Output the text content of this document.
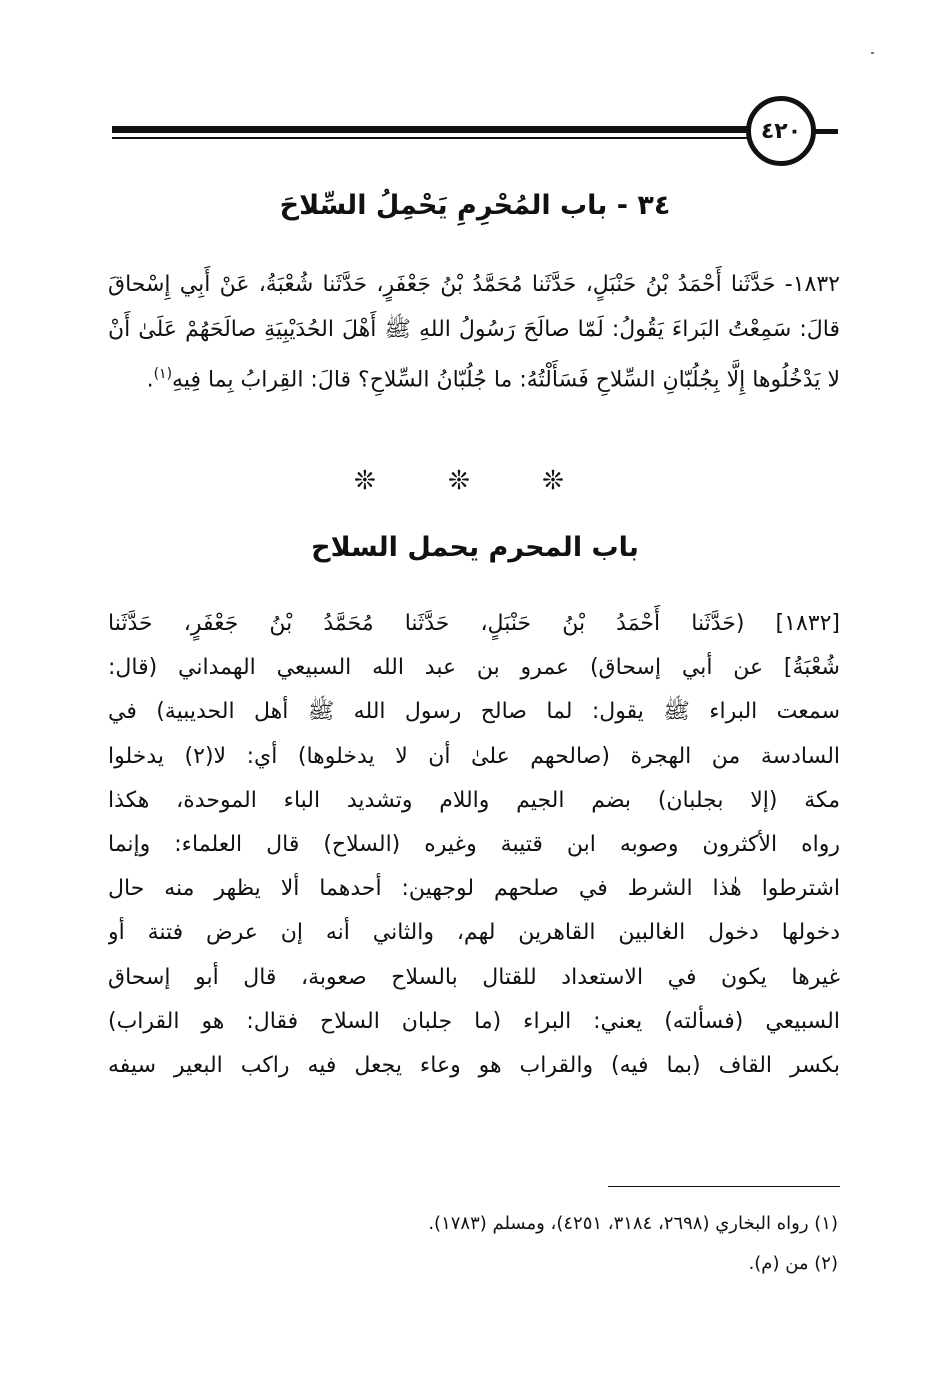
٤٢٠
٣٤ - باب المُحْرِمِ يَحْمِلُ السِّلاحَ

١٨٣٢- حَدَّثَنا أَحْمَدُ بْنُ حَنْبَلٍ، حَدَّثَنا مُحَمَّدُ بْنُ جَعْفَرٍ، حَدَّثَنا شُعْبَةُ، عَنْ أَبِي إِسْحاقَ قالَ: سَمِعْتُ البَراءَ يَقُولُ: لَمّا صالَحَ رَسُولُ اللهِ ﷺ أَهْلَ الحُدَيْبِيَةِ صالَحَهُمْ عَلَىٰ أَنْ لا يَدْخُلُوها إِلَّا بِجُلُبّانِ السِّلاحِ فَسَأَلْتُهُ: ما جُلُبّانُ السِّلاحِ؟ قالَ: القِرابُ بِما فِيهِ$^{(١)}$.

❊ ❊ ❊
باب المحرم يحمل السلاح
[١٨٣٢] (حَدَّثَنا أَحْمَدُ بْنُ حَنْبَلٍ، حَدَّثَنا مُحَمَّدُ بْنُ جَعْفَرٍ، حَدَّثَنا
شُعْبَةُ] عن أبي إسحاق) عمرو بن عبد الله السبيعي الهمداني (قال:
سمعت البراء ﷺ يقول: لما صالح رسول الله ﷺ أهل الحديبية) في
السادسة من الهجرة (صالحهم علىٰ أن لا يدخلوها) أي: لا(٢) يدخلوا
مكة (إلا بجلبان) بضم الجيم واللام وتشديد الباء الموحدة، هكذا
رواه الأكثرون وصوبه ابن قتيبة وغيره (السلاح) قال العلماء: وإنما
اشترطوا هٰذا الشرط في صلحهم لوجهين: أحدهما ألا يظهر منه حال
دخولها دخول الغالبين القاهرين لهم، والثاني أنه إن عرض فتنة أو
غيرها يكون في الاستعداد للقتال بالسلاح صعوبة، قال أبو إسحاق
السبيعي (فسألته) يعني: البراء (ما جلبان السلاح فقال: هو القراب)
بكسر القاف (بما فيه) والقراب هو وعاء يجعل فيه راكب البعير سيفه
(١) رواه البخاري (٢٦٩٨، ٣١٨٤، ٤٢٥١)، ومسلم (١٧٨٣).
(٢) من (م).
